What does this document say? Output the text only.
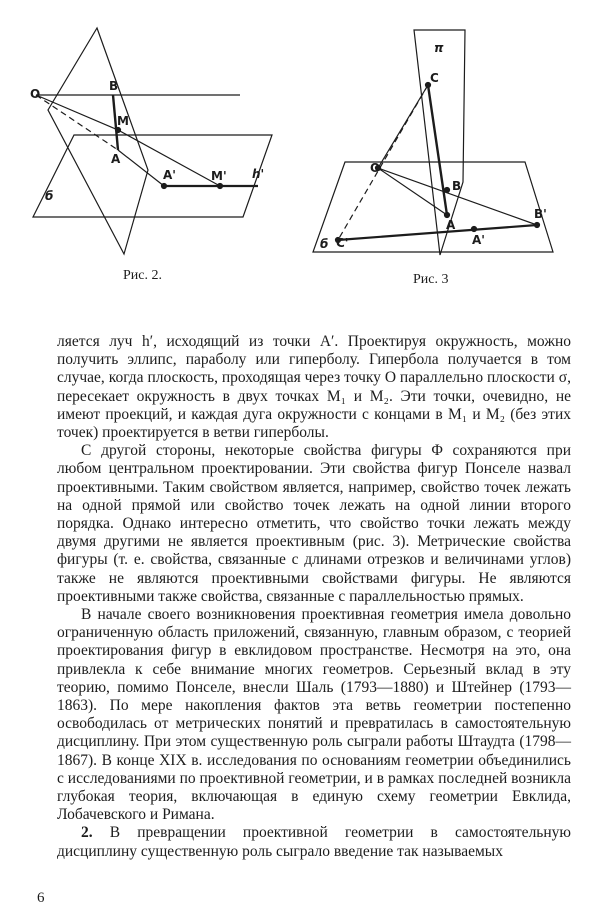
O
B
M
A
A'	M' h'
б
π
C
O
B
A
B'
A'
C'
б
Рис. 2.	Рис. 3

ляется луч h′, исходящий из точки A′. Проектируя окружность, можно получить эллипс, параболу или гиперболу. Гипербола получается в том случае, когда плоскость, проходящая через точку O параллельно плоскости σ, пересекает окружность в двух точках M₁ и M₂. Эти точки, очевидно, не имеют проекций, и каждая дуга окружности с концами в M₁ и M₂ (без этих точек) проектируется в ветви гиперболы.

С другой стороны, некоторые свойства фигуры Φ сохраняются при любом центральном проектировании. Эти свойства фигур Понселе назвал проективными. Таким свойством является, например, свойство точек лежать на одной прямой или свойство точек лежать на одной линии второго порядка. Однако интересно отметить, что свойство точки лежать между двумя другими не является проективным (рис. 3). Метрические свойства фигуры (т. е. свойства, связанные с длинами отрезков и величинами углов) также не являются проективными свойствами фигуры. Не являются проективными также свойства, связанные с параллельностью прямых.

В начале своего возникновения проективная геометрия имела довольно ограниченную область приложений, связанную, главным образом, с теорией проектирования фигур в евклидовом пространстве. Несмотря на это, она привлекла к себе внимание многих геометров. Серьезный вклад в эту теорию, помимо Понселе, внесли Шаль (1793—1880) и Штейнер (1793—1863). По мере накопления фактов эта ветвь геометрии постепенно освободилась от метрических понятий и превратилась в самостоятельную дисциплину. При этом существенную роль сыграли работы Штаудта (1798—1867). В конце XIX в. исследования по основаниям геометрии объединились с исследованиями по проективной геометрии, и в рамках последней возникла глубокая теория, включающая в единую схему геометрии Евклида, Лобачевского и Римана.

2. В превращении проективной геометрии в самостоятельную дисциплину существенную роль сыграло введение так называемых

6
